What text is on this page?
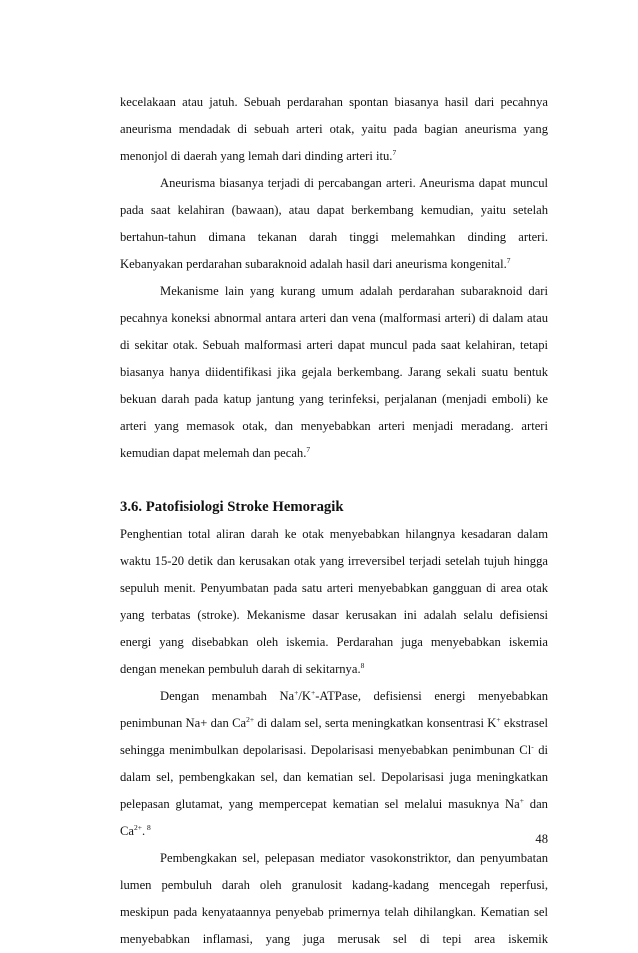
kecelakaan atau jatuh. Sebuah perdarahan spontan biasanya hasil dari pecahnya aneurisma mendadak di sebuah arteri otak, yaitu pada bagian aneurisma yang menonjol di daerah yang lemah dari dinding arteri itu.$^7$

Aneurisma biasanya terjadi di percabangan arteri. Aneurisma dapat muncul pada saat kelahiran (bawaan), atau dapat berkembang kemudian, yaitu setelah bertahun-tahun dimana tekanan darah tinggi melemahkan dinding arteri. Kebanyakan perdarahan subaraknoid adalah hasil dari aneurisma kongenital.$^7$

Mekanisme lain yang kurang umum adalah perdarahan subaraknoid dari pecahnya koneksi abnormal antara arteri dan vena (malformasi arteri) di dalam atau di sekitar otak. Sebuah malformasi arteri dapat muncul pada saat kelahiran, tetapi biasanya hanya diidentifikasi jika gejala berkembang. Jarang sekali suatu bentuk bekuan darah pada katup jantung yang terinfeksi, perjalanan (menjadi emboli) ke arteri yang memasok otak, dan menyebabkan arteri menjadi meradang. arteri kemudian dapat melemah dan pecah.$^7$

3.6. Patofisiologi Stroke Hemoragik

Penghentian total aliran darah ke otak menyebabkan hilangnya kesadaran dalam waktu 15-20 detik dan kerusakan otak yang irreversibel terjadi setelah tujuh hingga sepuluh menit. Penyumbatan pada satu arteri menyebabkan gangguan di area otak yang terbatas (stroke). Mekanisme dasar kerusakan ini adalah selalu defisiensi energi yang disebabkan oleh iskemia. Perdarahan juga menyebabkan iskemia dengan menekan pembuluh darah di sekitarnya.$^8$

Dengan menambah Na+/K+-ATPase, defisiensi energi menyebabkan penimbunan Na+ dan $Ca^{2+}$ di dalam sel, serta meningkatkan konsentrasi K+ ekstrasel sehingga menimbulkan depolarisasi. Depolarisasi menyebabkan penimbunan Cl- di dalam sel, pembengkakan sel, dan kematian sel. Depolarisasi juga meningkatkan pelepasan glutamat, yang mempercepat kematian sel melalui masuknya Na+ dan $Ca^{2+}$. $^8$

Pembengkakan sel, pelepasan mediator vasokonstriktor, dan penyumbatan lumen pembuluh darah oleh granulosit kadang-kadang mencegah reperfusi, meskipun pada kenyataannya penyebab primernya telah dihilangkan. Kematian sel menyebabkan inflamasi, yang juga merusak sel di tepi area iskemik

48
